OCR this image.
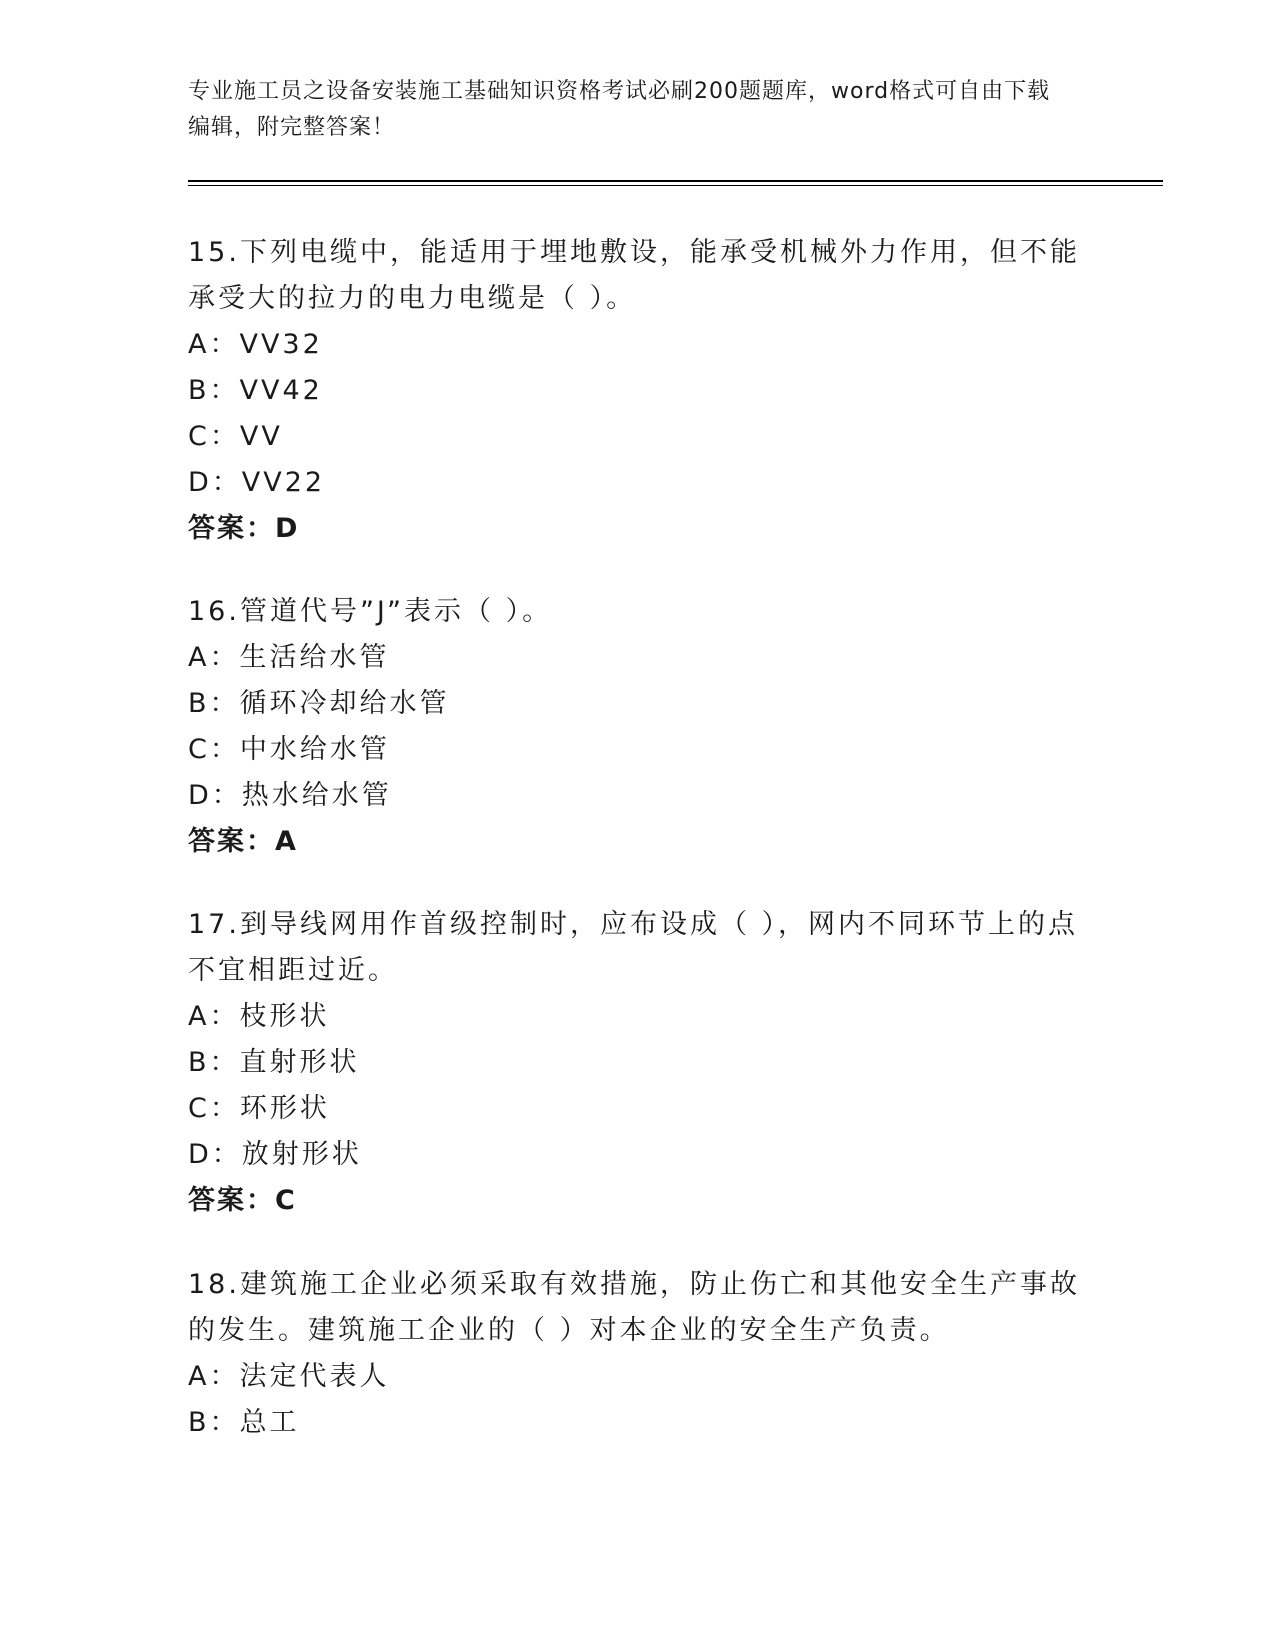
专业施工员之设备安装施工基础知识资格考试必刷200题题库，word格式可自由下载编辑，附完整答案！
15.下列电缆中，能适用于埋地敷设，能承受机械外力作用，但不能承受大的拉力的电力电缆是（ ）。
A：VV32
B：VV42
C：VV
D：VV22
答案：D
16.管道代号”J”表示（ ）。
A：生活给水管
B：循环冷却给水管
C：中水给水管
D：热水给水管
答案：A
17.到导线网用作首级控制时，应布设成（ ），网内不同环节上的点不宜相距过近。
A：枝形状
B：直射形状
C：环形状
D：放射形状
答案：C
18.建筑施工企业必须采取有效措施，防止伤亡和其他安全生产事故的发生。建筑施工企业的（ ）对本企业的安全生产负责。
A：法定代表人
B：总工
